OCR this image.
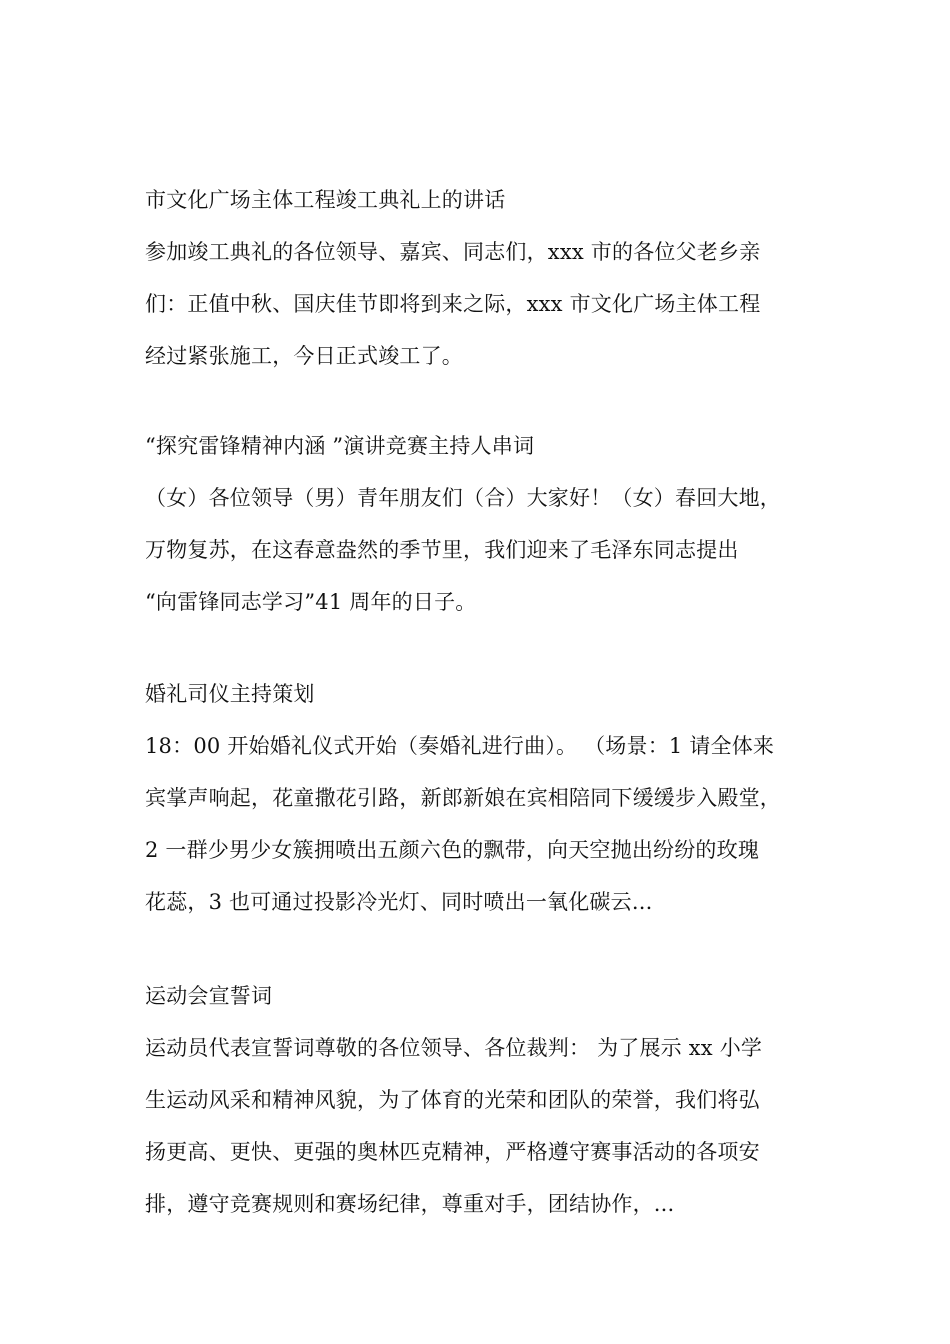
市文化广场主体工程竣工典礼上的讲话
参加竣工典礼的各位领导、嘉宾、同志们，xxx 市的各位父老乡亲
们：正值中秋、国庆佳节即将到来之际，xxx 市文化广场主体工程
经过紧张施工，今日正式竣工了。
“探究雷锋精神内涵 ”演讲竞赛主持人串词
（女）各位领导（男）青年朋友们（合）大家好！（女）春回大地，
万物复苏，在这春意盎然的季节里，我们迎来了毛泽东同志提出
“向雷锋同志学习”41 周年的日子。
婚礼司仪主持策划
18：00 开始婚礼仪式开始（奏婚礼进行曲）。 （场景：1 请全体来
宾掌声响起，花童撒花引路，新郎新娘在宾相陪同下缓缓步入殿堂，
2 一群少男少女簇拥喷出五颜六色的飘带，向天空抛出纷纷的玫瑰
花蕊，3 也可通过投影冷光灯、同时喷出一氧化碳云...
运动会宣誓词
运动员代表宣誓词尊敬的各位领导、各位裁判： 为了展示 xx 小学
生运动风采和精神风貌，为了体育的光荣和团队的荣誉，我们将弘
扬更高、更快、更强的奥林匹克精神，严格遵守赛事活动的各项安
排，遵守竞赛规则和赛场纪律，尊重对手，团结协作，...
